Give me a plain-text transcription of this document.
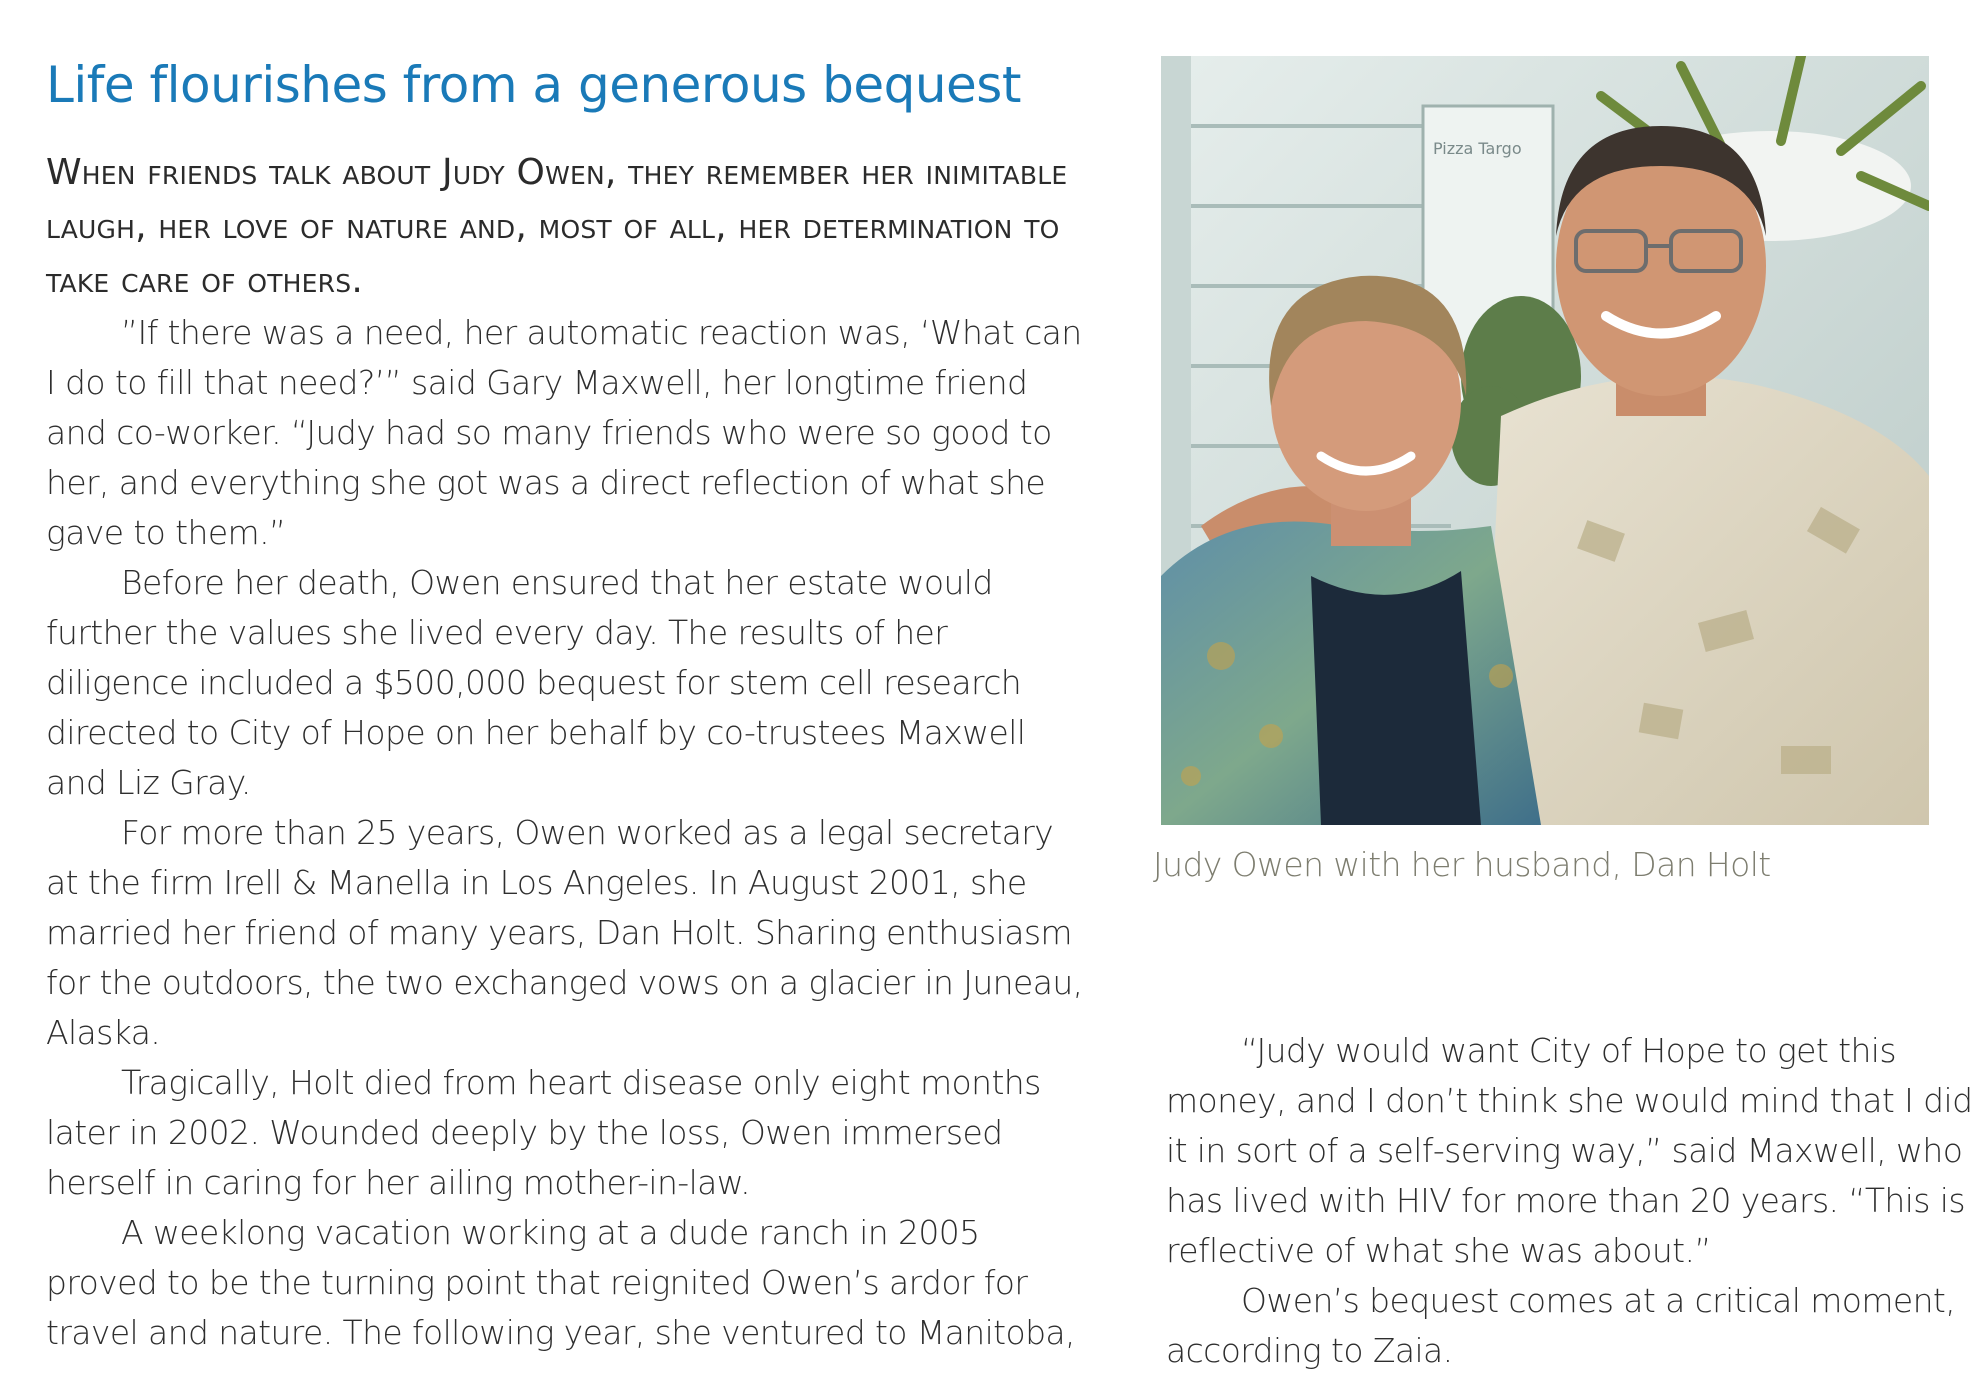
Life flourishes from a generous bequest

When friends talk about Judy Owen, they remember her inimitable laugh, her love of nature and, most of all, her determination to take care of others.

”If there was a need, her automatic reaction was, ‘What can I do to fill that need?’” said Gary Maxwell, her longtime friend and co-worker. “Judy had so many friends who were so good to her, and everything she got was a direct reflection of what she gave to them.”

Before her death, Owen ensured that her estate would further the values she lived every day. The results of her diligence included a $500,000 bequest for stem cell research directed to City of Hope on her behalf by co-trustees Maxwell and Liz Gray.

For more than 25 years, Owen worked as a legal secretary at the firm Irell & Manella in Los Angeles. In August 2001, she married her friend of many years, Dan Holt. Sharing enthusiasm for the outdoors, the two exchanged vows on a glacier in Juneau, Alaska.

Tragically, Holt died from heart disease only eight months later in 2002. Wounded deeply by the loss, Owen immersed herself in caring for her ailing mother-in-law.

A weeklong vacation working at a dude ranch in 2005 proved to be the turning point that reignited Owen’s ardor for travel and nature. The following year, she ventured to Manitoba,

Pizza Targo
Judy Owen with her husband, Dan Holt

“Judy would want City of Hope to get this money, and I don’t think she would mind that I did it in sort of a self-serving way,” said Maxwell, who has lived with HIV for more than 20 years. “This is reflective of what she was about.”

Owen’s bequest comes at a critical moment, according to Zaia.
